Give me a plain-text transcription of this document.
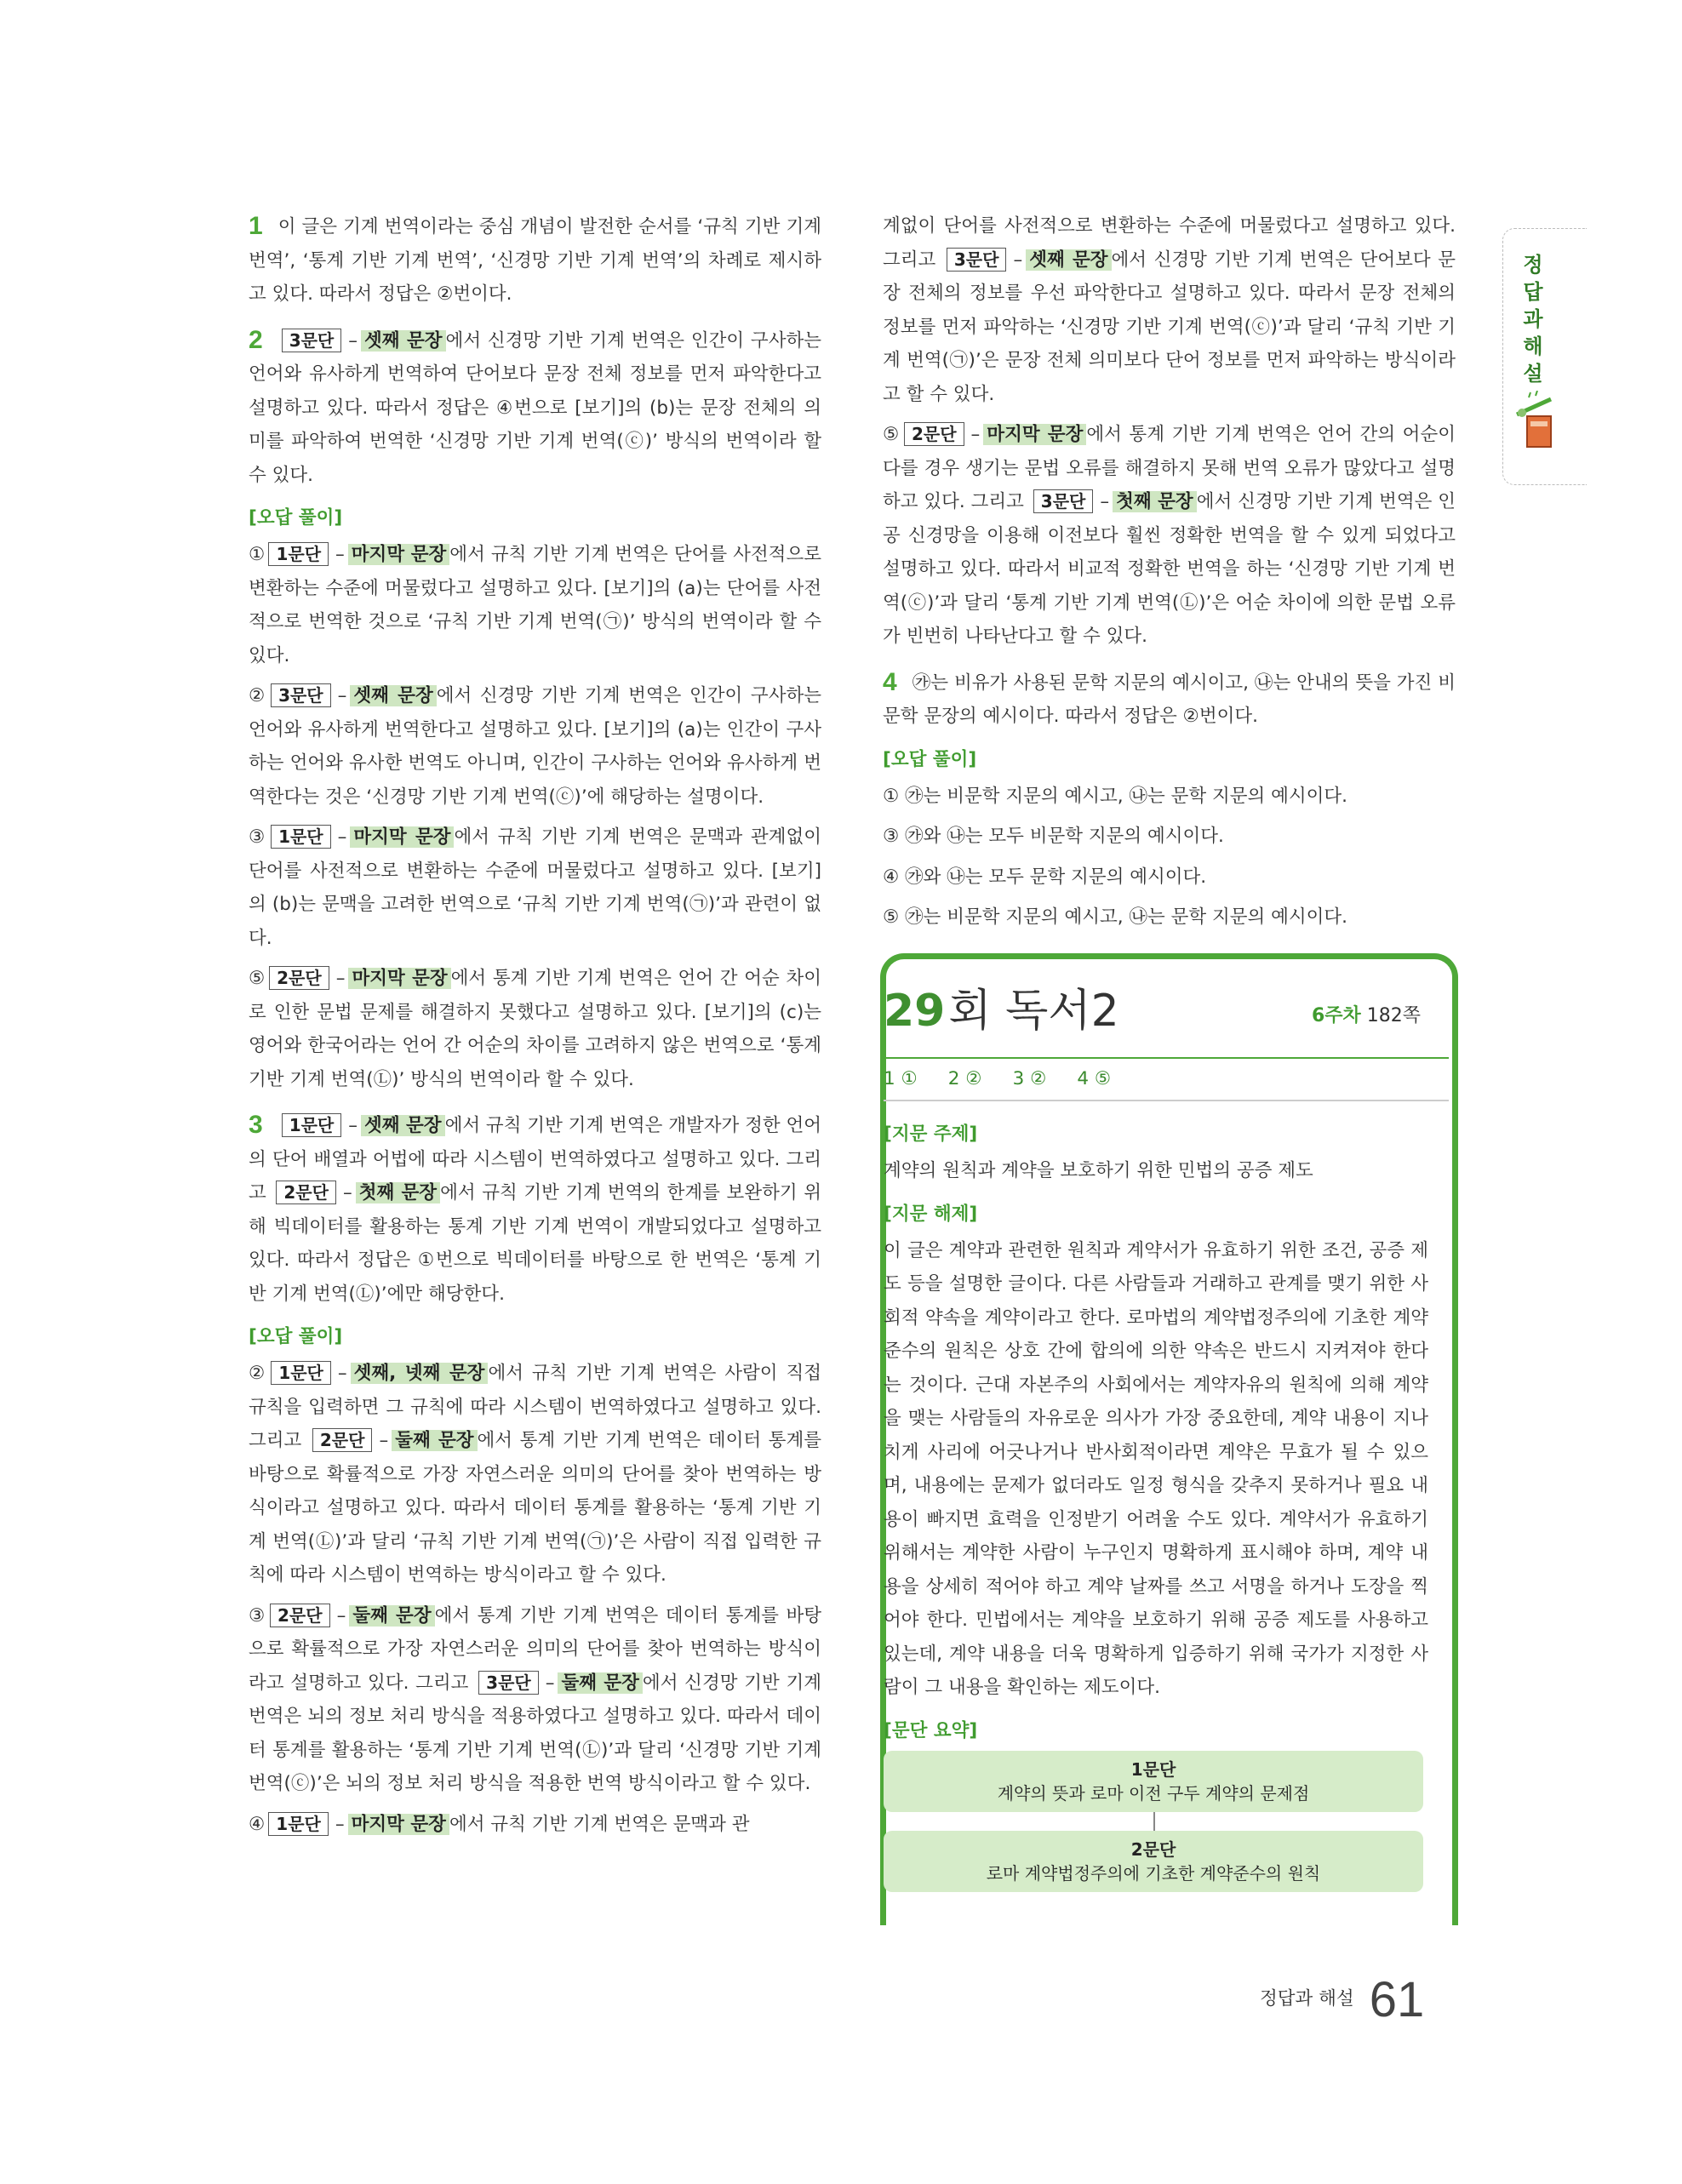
정
답
과
해
설

1 이 글은 기계 번역이라는 중심 개념이 발전한 순서를 ‘규칙 기반 기계 번역’, ‘통계 기반 기계 번역’, ‘신경망 기반 기계 번역’의 차례로 제시하고 있다. 따라서 정답은 ②번이다.

2 3문단 – 셋째 문장 에서 신경망 기반 기계 번역은 인간이 구사하는 언어와 유사하게 번역하여 단어보다 문장 전체 정보를 먼저 파악한다고 설명하고 있다. 따라서 정답은 ④번으로 [보기]의 (b)는 문장 전체의 의미를 파악하여 번역한 ‘신경망 기반 기계 번역(ⓒ)’ 방식의 번역이라 할 수 있다.

[오답 풀이]

① 1문단 – 마지막 문장 에서 규칙 기반 기계 번역은 단어를 사전적으로 변환하는 수준에 머물렀다고 설명하고 있다. [보기]의 (a)는 단어를 사전적으로 번역한 것으로 ‘규칙 기반 기계 번역(㉠)’ 방식의 번역이라 할 수 있다.

② 3문단 – 셋째 문장 에서 신경망 기반 기계 번역은 인간이 구사하는 언어와 유사하게 번역한다고 설명하고 있다. [보기]의 (a)는 인간이 구사하는 언어와 유사한 번역도 아니며, 인간이 구사하는 언어와 유사하게 번역한다는 것은 ‘신경망 기반 기계 번역(ⓒ)’에 해당하는 설명이다.

③ 1문단 – 마지막 문장 에서 규칙 기반 기계 번역은 문맥과 관계없이 단어를 사전적으로 변환하는 수준에 머물렀다고 설명하고 있다. [보기]의 (b)는 문맥을 고려한 번역으로 ‘규칙 기반 기계 번역(㉠)’과 관련이 없다.

⑤ 2문단 – 마지막 문장 에서 통계 기반 기계 번역은 언어 간 어순 차이로 인한 문법 문제를 해결하지 못했다고 설명하고 있다. [보기]의 (c)는 영어와 한국어라는 언어 간 어순의 차이를 고려하지 않은 번역으로 ‘통계 기반 기계 번역(Ⓛ)’ 방식의 번역이라 할 수 있다.

3 1문단 – 셋째 문장 에서 규칙 기반 기계 번역은 개발자가 정한 언어의 단어 배열과 어법에 따라 시스템이 번역하였다고 설명하고 있다. 그리고 2문단 – 첫째 문장 에서 규칙 기반 기계 번역의 한계를 보완하기 위해 빅데이터를 활용하는 통계 기반 기계 번역이 개발되었다고 설명하고 있다. 따라서 정답은 ①번으로 빅데이터를 바탕으로 한 번역은 ‘통계 기반 기계 번역(Ⓛ)’에만 해당한다.

[오답 풀이]

② 1문단 – 셋째, 넷째 문장 에서 규칙 기반 기계 번역은 사람이 직접 규칙을 입력하면 그 규칙에 따라 시스템이 번역하였다고 설명하고 있다. 그리고 2문단 – 둘째 문장 에서 통계 기반 기계 번역은 데이터 통계를 바탕으로 확률적으로 가장 자연스러운 의미의 단어를 찾아 번역하는 방식이라고 설명하고 있다. 따라서 데이터 통계를 활용하는 ‘통계 기반 기계 번역(Ⓛ)’과 달리 ‘규칙 기반 기계 번역(㉠)’은 사람이 직접 입력한 규칙에 따라 시스템이 번역하는 방식이라고 할 수 있다.

③ 2문단 – 둘째 문장 에서 통계 기반 기계 번역은 데이터 통계를 바탕으로 확률적으로 가장 자연스러운 의미의 단어를 찾아 번역하는 방식이라고 설명하고 있다. 그리고 3문단 – 둘째 문장 에서 신경망 기반 기계 번역은 뇌의 정보 처리 방식을 적용하였다고 설명하고 있다. 따라서 데이터 통계를 활용하는 ‘통계 기반 기계 번역(Ⓛ)’과 달리 ‘신경망 기반 기계 번역(ⓒ)’은 뇌의 정보 처리 방식을 적용한 번역 방식이라고 할 수 있다.

④ 1문단 – 마지막 문장 에서 규칙 기반 기계 번역은 문맥과 관

계없이 단어를 사전적으로 변환하는 수준에 머물렀다고 설명하고 있다. 그리고 3문단 – 셋째 문장 에서 신경망 기반 기계 번역은 단어보다 문장 전체의 정보를 우선 파악한다고 설명하고 있다. 따라서 문장 전체의 정보를 먼저 파악하는 ‘신경망 기반 기계 번역(ⓒ)’과 달리 ‘규칙 기반 기계 번역(㉠)’은 문장 전체 의미보다 단어 정보를 먼저 파악하는 방식이라고 할 수 있다.

⑤ 2문단 – 마지막 문장 에서 통계 기반 기계 번역은 언어 간의 어순이 다를 경우 생기는 문법 오류를 해결하지 못해 번역 오류가 많았다고 설명하고 있다. 그리고 3문단 – 첫째 문장 에서 신경망 기반 기계 번역은 인공 신경망을 이용해 이전보다 훨씬 정확한 번역을 할 수 있게 되었다고 설명하고 있다. 따라서 비교적 정확한 번역을 하는 ‘신경망 기반 기계 번역(ⓒ)’과 달리 ‘통계 기반 기계 번역(Ⓛ)’은 어순 차이에 의한 문법 오류가 빈번히 나타난다고 할 수 있다.

4 ㉮는 비유가 사용된 문학 지문의 예시이고, ㉯는 안내의 뜻을 가진 비문학 문장의 예시이다. 따라서 정답은 ②번이다.

[오답 풀이]

① ㉮는 비문학 지문의 예시고, ㉯는 문학 지문의 예시이다.

③ ㉮와 ㉯는 모두 비문학 지문의 예시이다.

④ ㉮와 ㉯는 모두 문학 지문의 예시이다.

⑤ ㉮는 비문학 지문의 예시고, ㉯는 문학 지문의 예시이다.

29회 독서2	6주차 182쪽
1 ① 2 ② 3 ② 4 ⑤
[지문 주제]

계약의 원칙과 계약을 보호하기 위한 민법의 공증 제도

[지문 해제]

이 글은 계약과 관련한 원칙과 계약서가 유효하기 위한 조건, 공증 제도 등을 설명한 글이다. 다른 사람들과 거래하고 관계를 맺기 위한 사회적 약속을 계약이라고 한다. 로마법의 계약법정주의에 기초한 계약준수의 원칙은 상호 간에 합의에 의한 약속은 반드시 지켜져야 한다는 것이다. 근대 자본주의 사회에서는 계약자유의 원칙에 의해 계약을 맺는 사람들의 자유로운 의사가 가장 중요한데, 계약 내용이 지나치게 사리에 어긋나거나 반사회적이라면 계약은 무효가 될 수 있으며, 내용에는 문제가 없더라도 일정 형식을 갖추지 못하거나 필요 내용이 빠지면 효력을 인정받기 어려울 수도 있다. 계약서가 유효하기 위해서는 계약한 사람이 누구인지 명확하게 표시해야 하며, 계약 내용을 상세히 적어야 하고 계약 날짜를 쓰고 서명을 하거나 도장을 찍어야 한다. 민법에서는 계약을 보호하기 위해 공증 제도를 사용하고 있는데, 계약 내용을 더욱 명확하게 입증하기 위해 국가가 지정한 사람이 그 내용을 확인하는 제도이다.

[문단 요약]
1문단
계약의 뜻과 로마 이전 구두 계약의 문제점
2문단
로마 계약법정주의에 기초한 계약준수의 원칙
정답과 해설 61
